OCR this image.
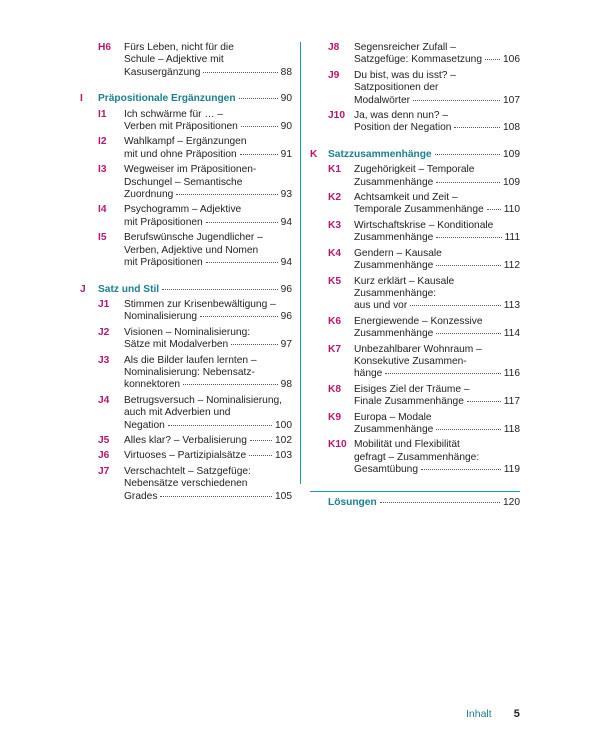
H6	Fürs Leben, nicht für die
Schule – Adjektive mit
Kasusergänzung	88
I	Präpositionale Ergänzungen	90
I1	Ich schwärme für … –
Verben mit Präpositionen	90
I2	Wahlkampf – Ergänzungen
mit und ohne Präposition	91
I3	Wegweiser im Präpositionen-
Dschungel – Semantische
Zuordnung	93
I4	Psychogramm – Adjektive
mit Präpositionen	94
I5	Berufswünsche Jugendlicher –
Verben, Adjektive und Nomen
mit Präpositionen	94
J	Satz und Stil	96
J1	Stimmen zur Krisenbewältigung –
Nominalisierung	96
J2	Visionen – Nominalisierung:
Sätze mit Modalverben	97
J3	Als die Bilder laufen lernten –
Nominalisierung: Nebensatz-
konnektoren	98
J4	Betrugsversuch – Nominalisierung,
auch mit Adverbien und
Negation	100
J5	Alles klar? – Verbalisierung	102
J6	Virtuoses – Partizipialsätze	103
J7	Verschachtelt – Satzgefüge:
Nebensätze verschiedenen
Grades	105
J8	Segensreicher Zufall –
Satzgefüge: Kommasetzung 106
J9	Du bist, was du isst? –
Satzpositionen der
Modalwörter	107
J10 Ja, was denn nun? –
Position der Negation	108
K	Satzzusammenhänge	109
K1	Zugehörigkeit – Temporale
Zusammenhänge	109
K2	Achtsamkeit und Zeit –
Temporale Zusammenhänge 110
K3	Wirtschaftskrise – Konditionale
Zusammenhänge	111
K4	Gendern – Kausale
Zusammenhänge	112
K5	Kurz erklärt – Kausale
Zusammenhänge:
aus und vor	113
K6	Energiewende – Konzessive
Zusammenhänge	114
K7	Unbezahlbarer Wohnraum –
Konsekutive Zusammen-
hänge	116
K8	Eisiges Ziel der Träume –
Finale Zusammenhänge	117
K9	Europa – Modale
Zusammenhänge	118
K10 Mobilität und Flexibilität
gefragt – Zusammenhänge:
Gesamtübung	119
Lösungen	120
Inhalt 5
